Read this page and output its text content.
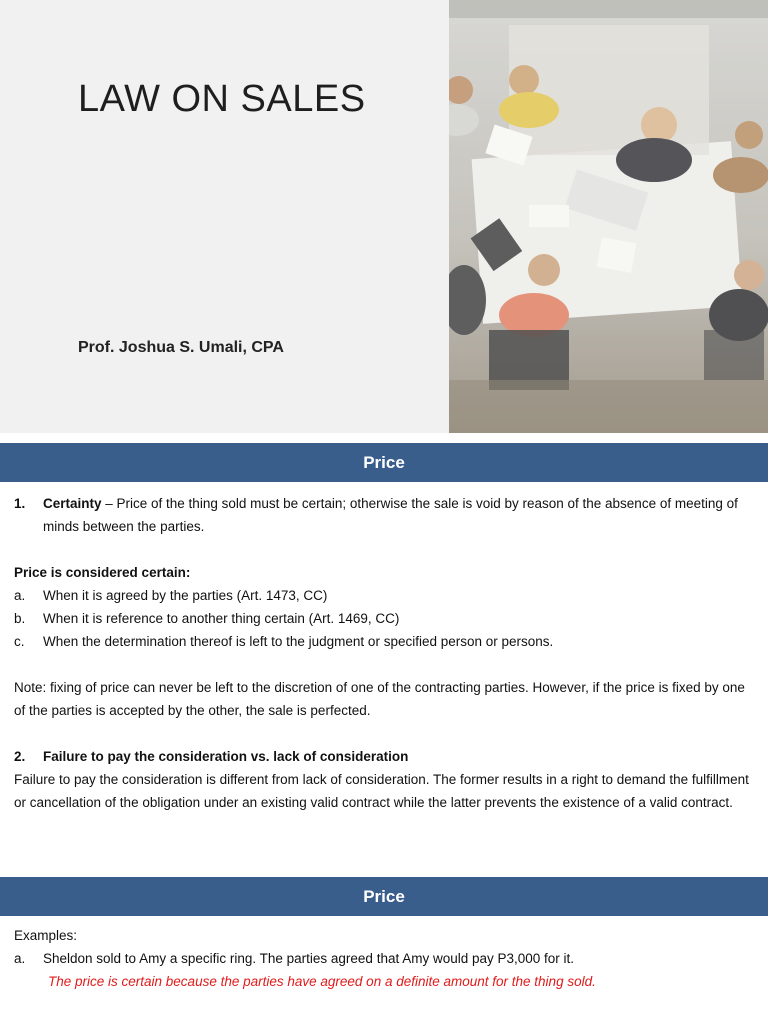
LAW ON SALES
Prof. Joshua S. Umali, CPA
Price
1.	Certainty – Price of the thing sold must be certain; otherwise the sale is void by reason of the absence of meeting of minds between the parties.
Price is considered certain:
a.	When it is agreed by the parties (Art. 1473, CC)
b.	When it is reference to another thing certain (Art. 1469, CC)
c.	When the determination thereof is left to the judgment or specified person or persons.
Note: fixing of price can never be left to the discretion of one of the contracting parties. However, if the price is fixed by one of the parties is accepted by the other, the sale is perfected.
2.	Failure to pay the consideration vs. lack of consideration
Failure to pay the consideration is different from lack of consideration. The former results in a right to demand the fulfillment or cancellation of the obligation under an existing valid contract while the latter prevents the existence of a valid contract.
Price
Examples:
a.	Sheldon sold to Amy a specific ring. The parties agreed that Amy would pay P3,000 for it.
The price is certain because the parties have agreed on a definite amount for the thing sold.
